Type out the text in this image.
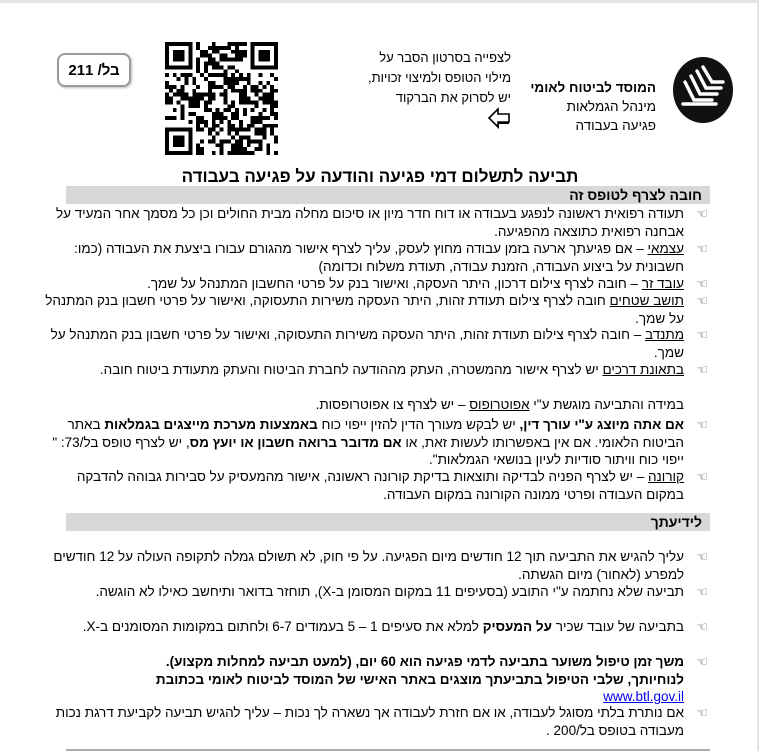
בל/ 211
לצפייה בסרטון הסבר על
מילוי הטופס ולמיצוי זכויות,
יש לסרוק את הברקוד
המוסד לביטוח לאומי
מינהל הגמלאות
פגיעה בעבודה
תביעה לתשלום דמי פגיעה והודעה על פגיעה בעבודה
חובה לצרף לטופס זה
☜
תעודה רפואית ראשונה לנפגע בעבודה או דוח חדר מיון או סיכום מחלה מבית החולים וכן כל מסמך אחר המעיד על אבחנה רפואית כתוצאה מהפגיעה.
☜
עצמאי – אם פגיעתך ארעה בזמן עבודה מחוץ לעסק, עליך לצרף אישור מהגורם עבורו ביצעת את העבודה (כמו: חשבונית על ביצוע העבודה, הזמנת עבודה, תעודת משלוח וכדומה)
☜
עובד זר – חובה לצרף צילום דרכון, היתר העסקה, ואישור בנק על פרטי החשבון המתנהל על שמך.
☜
תושב שטחים חובה לצרף צילום תעודת זהות, היתר העסקה משירות התעסוקה, ואישור על פרטי חשבון בנק המתנהל על שמך.
☜
מתנדב – חובה לצרף צילום תעודת זהות, היתר העסקה משירות התעסוקה, ואישור על פרטי חשבון בנק המתנהל על שמך.
☜
בתאונת דרכים יש לצרף אישור מהמשטרה, העתק מההודעה לחברת הביטוח והעתק מתעודת ביטוח חובה.
במידה והתביעה מוגשת ע"י אפוטרופוס – יש לצרף צו אפוטרופסות.
☜
אם אתה מיוצג ע"י עורך דין, יש לבקש מעורך הדין להזין ייפוי כוח באמצעות מערכת מייצגים בגמלאות באתר הביטוח הלאומי. אם אין באפשרותו לעשות זאת, או אם מדובר ברואה חשבון או יועץ מס, יש לצרף טופס בל/73: " ייפוי כוח וויתור סודיות לעיון בנושאי הגמלאות".
☜
קורונה – יש לצרף הפניה לבדיקה ותוצאות בדיקת קורונה ראשונה, אישור מהמעסיק על סבירות גבוהה להדבקה במקום העבודה ופרטי ממונה הקורונה במקום העבודה.
לידיעתך
☜
עליך להגיש את התביעה תוך 12 חודשים מיום הפגיעה. על פי חוק, לא תשולם גמלה לתקופה העולה על 12 חודשים למפרע (לאחור) מיום הגשתה.
☜
תביעה שלא נחתמה ע"י התובע (בסעיפים 11 במקום המסומן ב-X), תוחזר בדואר ותיחשב כאילו לא הוגשה.
☜
בתביעה של עובד שכיר על המעסיק למלא את סעיפים 1 – 5 בעמודים 6-7 ולחתום במקומות המסומנים ב-X.
☜
משך זמן טיפול משוער בתביעה לדמי פגיעה הוא 60 יום, (למעט תביעה למחלות מקצוע).
לנוחיותך, שלבי הטיפול בתביעתך מוצגים באתר האישי של המוסד לביטוח לאומי בכתובת
www.btl.gov.il
☜
אם נותרת בלתי מסוגל לעבודה, או אם חזרת לעבודה אך נשארה לך נכות – עליך להגיש תביעה לקביעת דרגת נכות מעבודה בטופס בל/200 .
